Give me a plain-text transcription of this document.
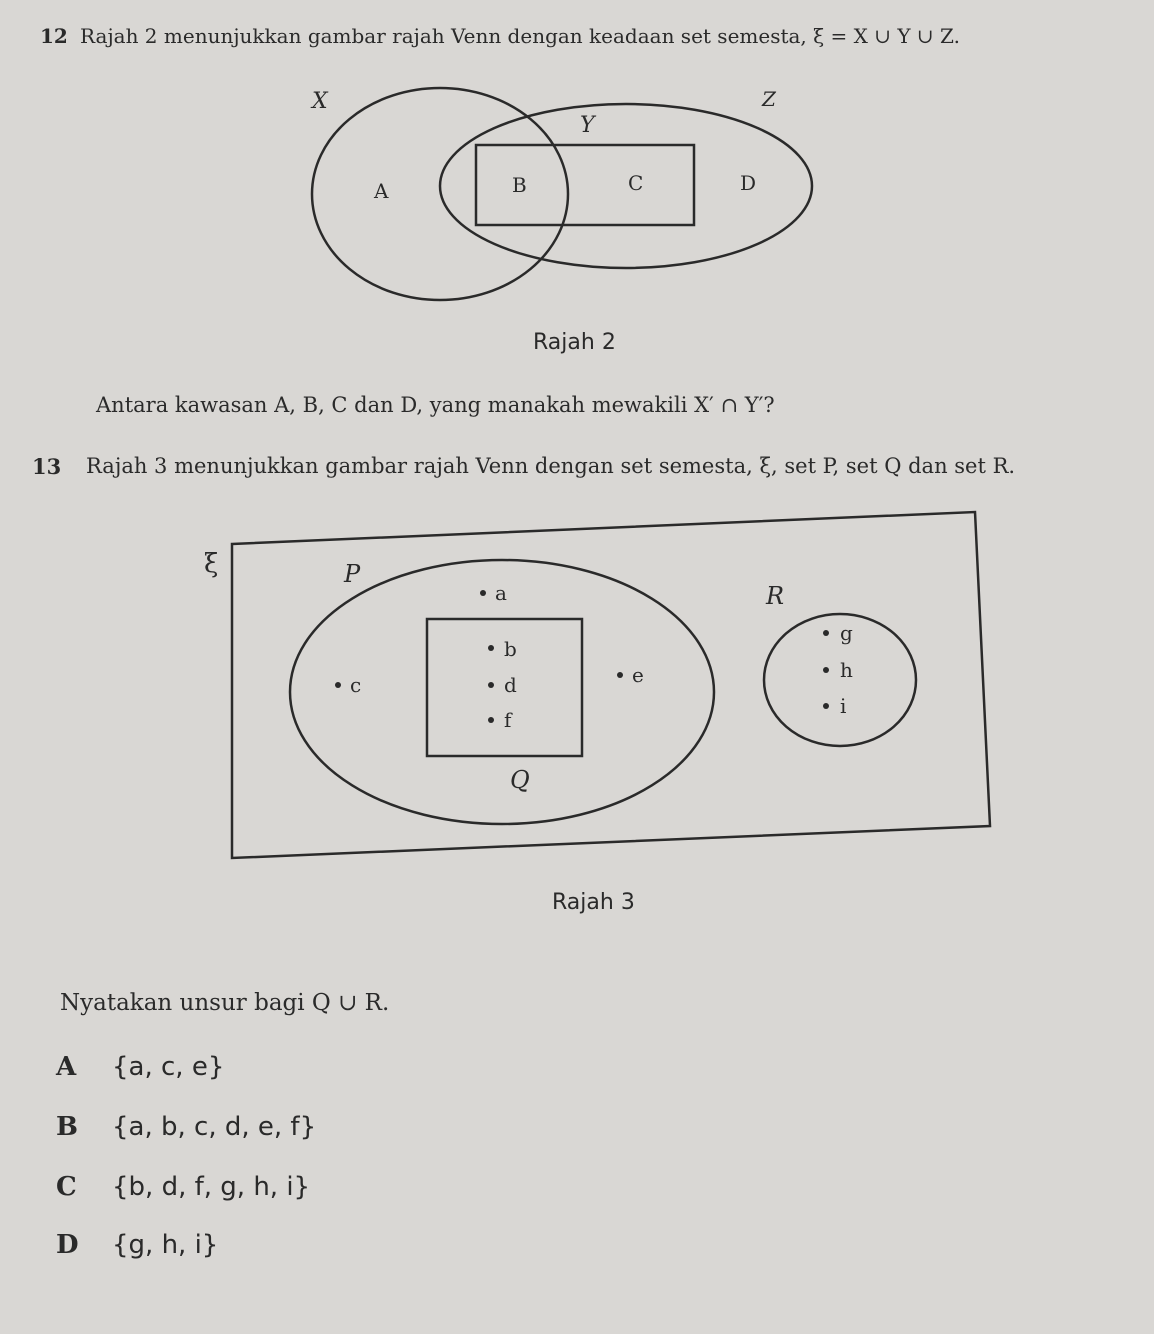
12 Rajah 2 menunjukkan gambar rajah Venn dengan keadaan set semesta, ξ = X ∪ Y ∪ Z.
X
Y
Z
A	B	C	D
Rajah 2
Antara kawasan A, B, C dan D, yang manakah mewakili X′ ∩ Y′?
13 Rajah 3 menunjukkan gambar rajah Venn dengan set semesta, ξ, set P, set Q dan set R.
ξ	P
Q
R
a
b
c	d	e
f
g
h
i
Rajah 3
Nyatakan unsur bagi Q ∪ R.
A {a, c, e}
B {a, b, c, d, e, f}
C {b, d, f, g, h, i}
D {g, h, i}
